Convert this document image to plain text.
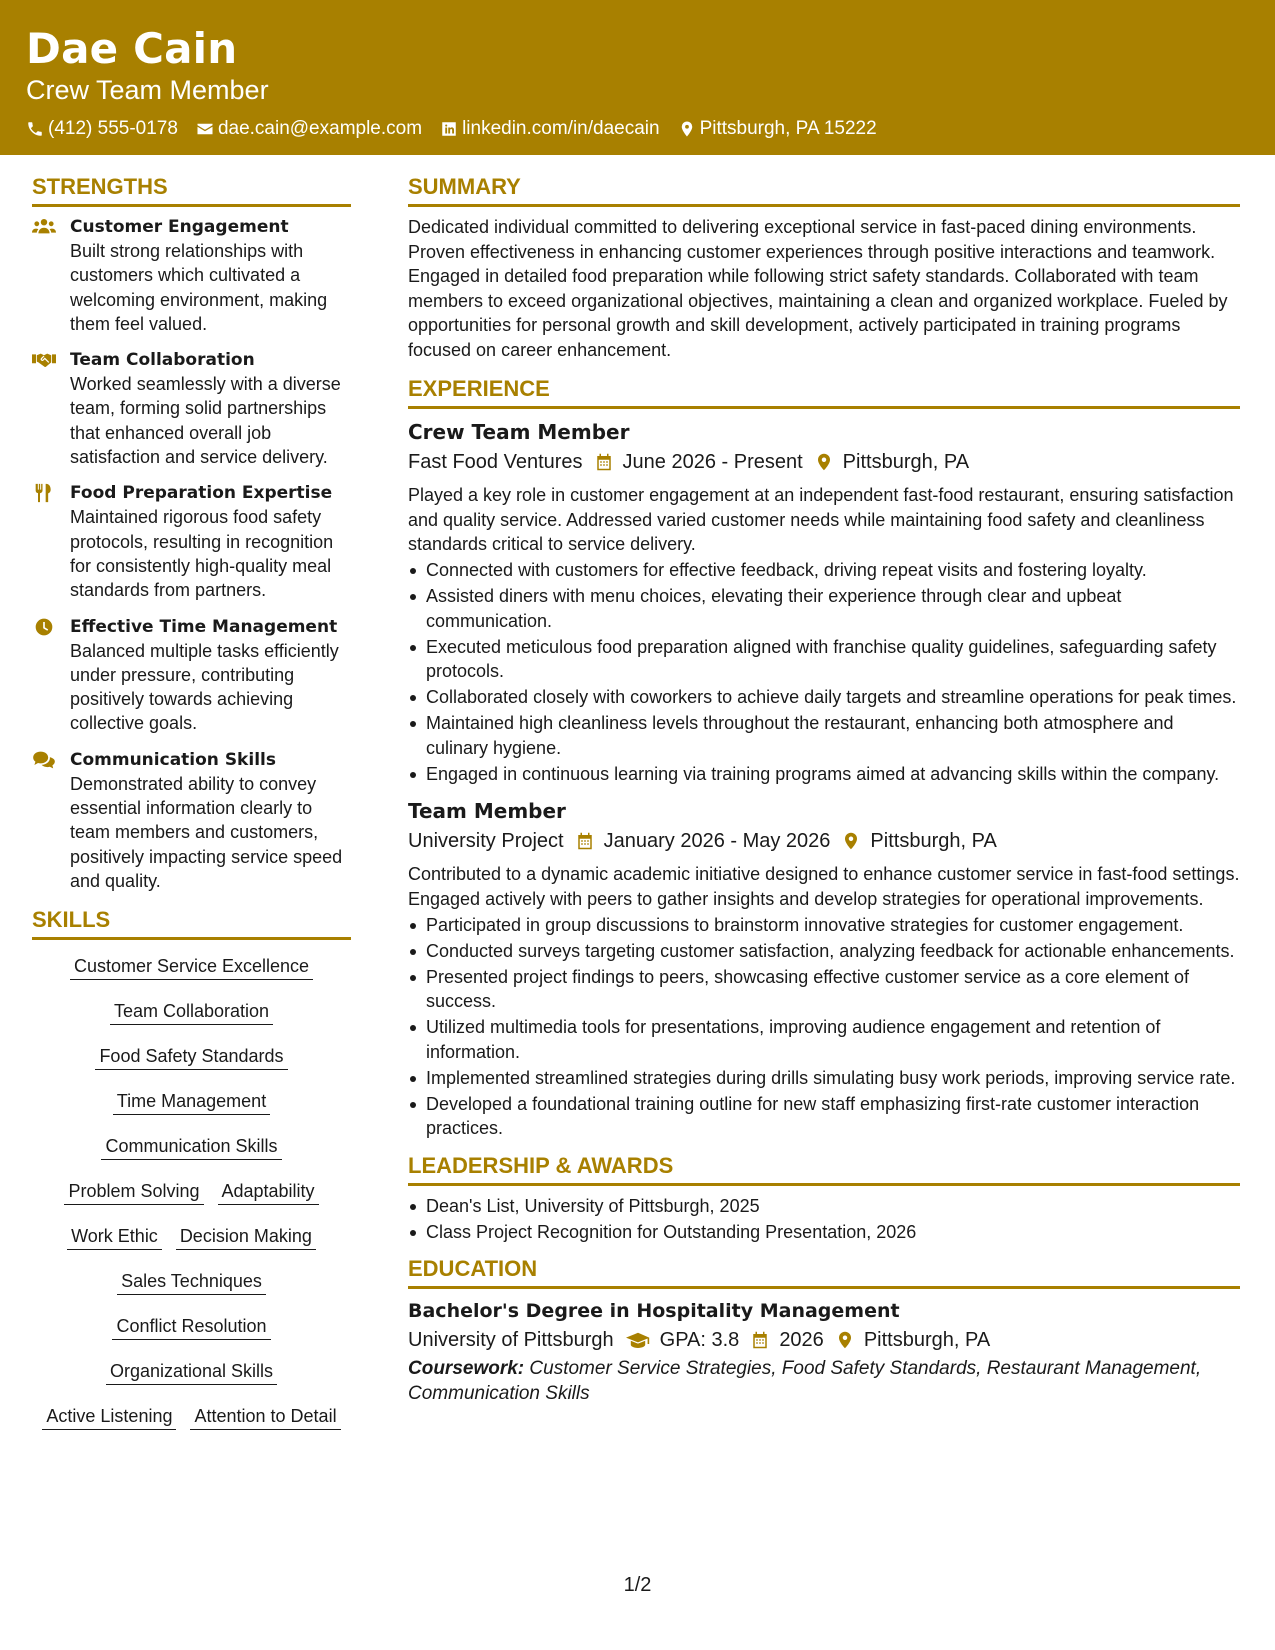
Dae Cain
Crew Team Member
(412) 555-0178 dae.cain@example.com linkedin.com/in/daecain Pittsburgh, PA 15222
STRENGTHS
Customer Engagement
Built strong relationships with customers which cultivated a welcoming environment, making them feel valued.
Team Collaboration
Worked seamlessly with a diverse team, forming solid partnerships that enhanced overall job satisfaction and service delivery.
Food Preparation Expertise
Maintained rigorous food safety protocols, resulting in recognition for consistently high-quality meal standards from partners.
Effective Time Management
Balanced multiple tasks efficiently under pressure, contributing positively towards achieving collective goals.
Communication Skills
Demonstrated ability to convey essential information clearly to team members and customers, positively impacting service speed and quality.
SKILLS
Customer Service Excellence
Team Collaboration
Food Safety Standards
Time Management
Communication Skills
Problem Solving Adaptability
Work Ethic Decision Making
Sales Techniques
Conflict Resolution
Organizational Skills
Active Listening Attention to Detail
SUMMARY
Dedicated individual committed to delivering exceptional service in fast-paced dining environments. Proven effectiveness in enhancing customer experiences through positive interactions and teamwork. Engaged in detailed food preparation while following strict safety standards. Collaborated with team members to exceed organizational objectives, maintaining a clean and organized workplace. Fueled by opportunities for personal growth and skill development, actively participated in training programs focused on career enhancement.
EXPERIENCE
Crew Team Member
Fast Food Ventures June 2026 - Present Pittsburgh, PA
Played a key role in customer engagement at an independent fast-food restaurant, ensuring satisfaction and quality service. Addressed varied customer needs while maintaining food safety and cleanliness standards critical to service delivery.
Connected with customers for effective feedback, driving repeat visits and fostering loyalty.
Assisted diners with menu choices, elevating their experience through clear and upbeat communication.
Executed meticulous food preparation aligned with franchise quality guidelines, safeguarding safety protocols.
Collaborated closely with coworkers to achieve daily targets and streamline operations for peak times.
Maintained high cleanliness levels throughout the restaurant, enhancing both atmosphere and culinary hygiene.
Engaged in continuous learning via training programs aimed at advancing skills within the company.
Team Member
University Project January 2026 - May 2026 Pittsburgh, PA
Contributed to a dynamic academic initiative designed to enhance customer service in fast-food settings. Engaged actively with peers to gather insights and develop strategies for operational improvements.
Participated in group discussions to brainstorm innovative strategies for customer engagement.
Conducted surveys targeting customer satisfaction, analyzing feedback for actionable enhancements.
Presented project findings to peers, showcasing effective customer service as a core element of success.
Utilized multimedia tools for presentations, improving audience engagement and retention of information.
Implemented streamlined strategies during drills simulating busy work periods, improving service rate.
Developed a foundational training outline for new staff emphasizing first-rate customer interaction practices.
LEADERSHIP & AWARDS
Dean's List, University of Pittsburgh, 2025
Class Project Recognition for Outstanding Presentation, 2026
EDUCATION
Bachelor's Degree in Hospitality Management
University of Pittsburgh GPA: 3.8 2026 Pittsburgh, PA
Coursework: Customer Service Strategies, Food Safety Standards, Restaurant Management, Communication Skills
1/2
